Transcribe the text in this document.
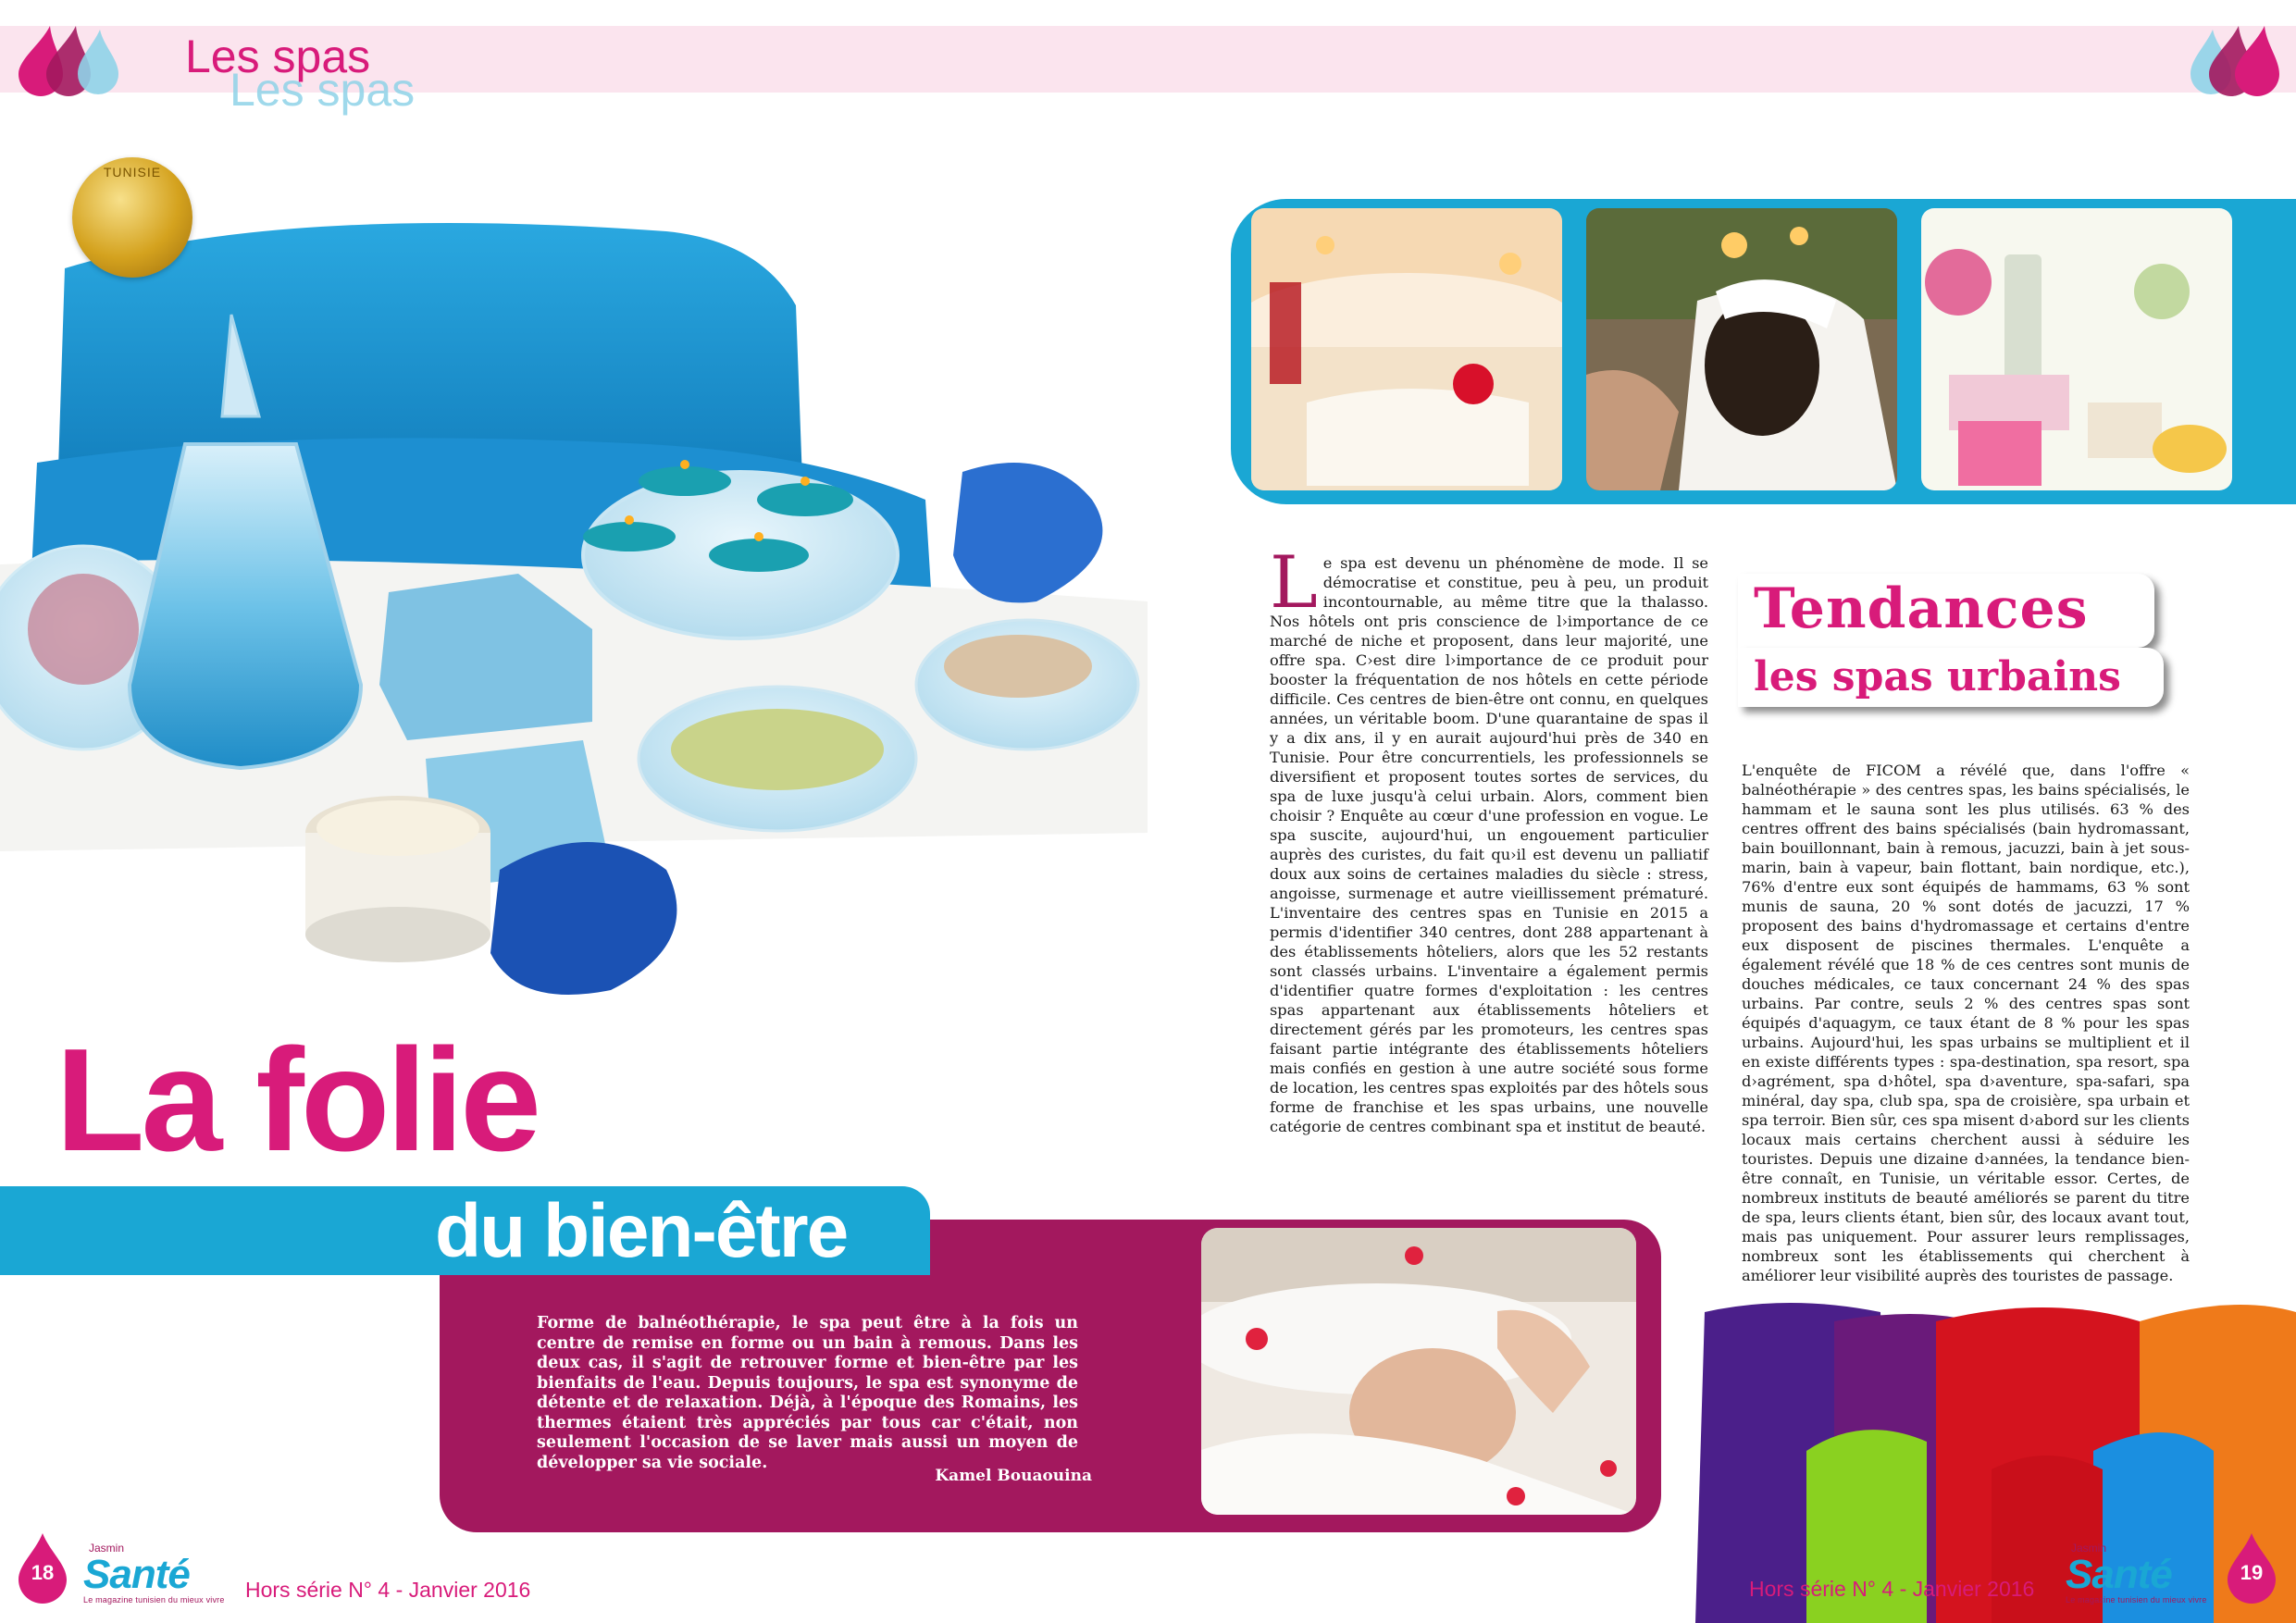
Les spas
Les spas
TUNISIE
La folie
du bien-être
Forme de balnéothérapie, le spa peut être à la fois un centre de remise en forme ou un bain à remous. Dans les deux cas, il s'agit de retrouver forme et bien-être par les bienfaits de l'eau. Depuis toujours, le spa est synonyme de détente et de relaxation. Déjà, à l'époque des Romains, les thermes étaient très appréciés par tous car c'était, non seulement l'occasion de se laver mais aussi un moyen de développer sa vie sociale.
Kamel Bouaouina
Le spa est devenu un phénomène de mode. Il se démocratise et constitue, peu à peu, un produit incontournable, au même titre que la thalasso. Nos hôtels ont pris conscience de l›importance de ce marché de niche et proposent, dans leur majorité, une offre spa. C›est dire l›importance de ce produit pour booster la fréquentation de nos hôtels en cette période difficile. Ces centres de bien-être ont connu, en quelques années, un véritable boom. D'une quarantaine de spas il y a dix ans, il y en aurait aujourd'hui près de 340 en Tunisie. Pour être concurrentiels, les professionnels se diversifient et proposent toutes sortes de services, du spa de luxe jusqu'à celui urbain. Alors, comment bien choisir ? Enquête au cœur d'une profession en vogue. Le spa suscite, aujourd'hui, un engouement particulier auprès des curistes, du fait qu›il est devenu un palliatif doux aux soins de certaines maladies du siècle : stress, angoisse, surmenage et autre vieillissement prématuré. L'inventaire des centres spas en Tunisie en 2015 a permis d'identifier 340 centres, dont 288 appartenant à des établissements hôteliers, alors que les 52 restants sont classés urbains. L'inventaire a également permis d'identifier quatre formes d'exploitation : les centres spas appartenant aux établissements hôteliers et directement gérés par les promoteurs, les centres spas faisant partie intégrante des établissements hôteliers mais confiés en gestion à une autre société sous forme de location, les centres spas exploités par des hôtels sous forme de franchise et les spas urbains, une nouvelle catégorie de centres combinant spa et institut de beauté.
Tendances
les spas urbains
L'enquête de FICOM a révélé que, dans l'offre « balnéothérapie » des centres spas, les bains spécialisés, le hammam et le sauna sont les plus utilisés. 63 % des centres offrent des bains spécialisés (bain hydromassant, bain bouillonnant, bain à remous, jacuzzi, bain à jet sous-marin, bain à vapeur, bain flottant, bain nordique, etc.), 76% d'entre eux sont équipés de hammams, 63 % sont munis de sauna, 20 % sont dotés de jacuzzi, 17 % proposent des bains d'hydromassage et certains d'entre eux disposent de piscines thermales. L'enquête a également révélé que 18 % de ces centres sont munis de douches médicales, ce taux concernant 24 % des spas urbains. Par contre, seuls 2 % des centres spas sont équipés d'aquagym, ce taux étant de 8 % pour les spas urbains. Aujourd'hui, les spas urbains se multiplient et il en existe différents types : spa-destination, spa resort, spa d›agrément, spa d›hôtel, spa d›aventure, spa-safari, spa minéral, day spa, club spa, spa de croisière, spa urbain et spa terroir. Bien sûr, ces spa misent d›abord sur les clients locaux mais certains cherchent aussi à séduire les touristes. Depuis une dizaine d›années, la tendance bien-être connaît, en Tunisie, un véritable essor. Certes, de nombreux instituts de beauté améliorés se parent du titre de spa, leurs clients étant, bien sûr, des locaux avant tout, mais pas uniquement. Pour assurer leurs remplissages, nombreux sont les établissements qui cherchent à améliorer leur visibilité auprès des touristes de passage.
18
Jasmin
Santé
Le magazine tunisien du mieux vivre Hors série N° 4 - Janvier 2016	Hors série N° 4 - Janvier 2016
Jasmin
Santé
Le magazine tunisien du mieux vivre
19
